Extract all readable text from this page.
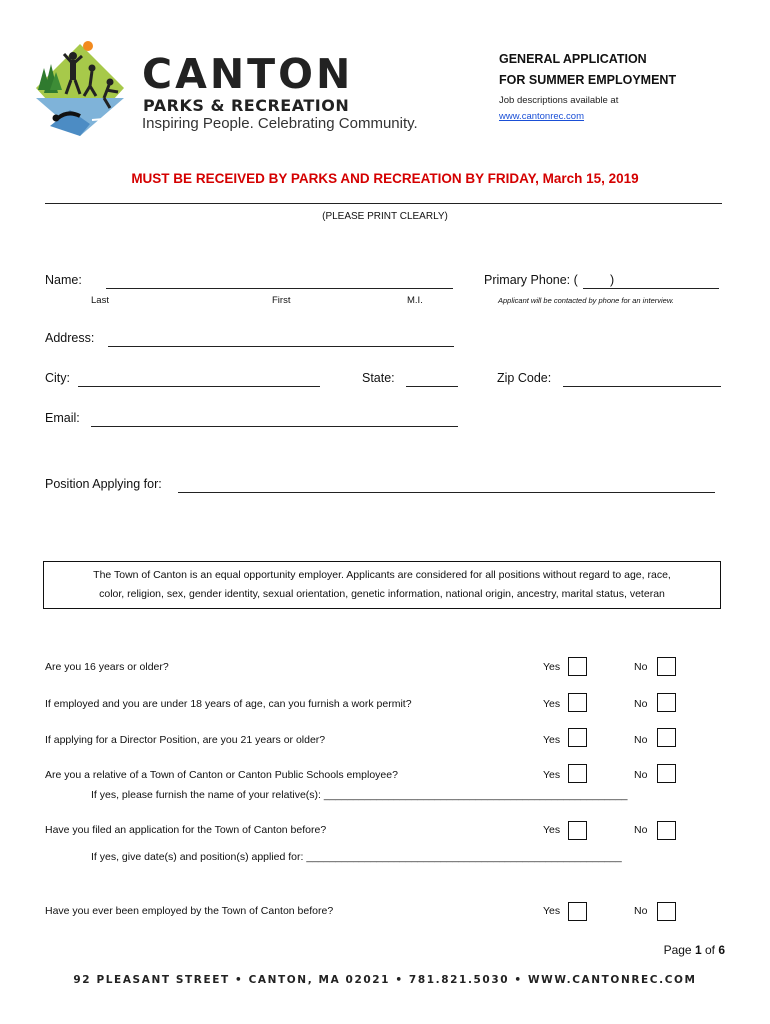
CANTON
PARKS & RECREATION
Inspiring People. Celebrating Community.
GENERAL APPLICATION
FOR SUMMER EMPLOYMENT
Job descriptions available at
www.cantonrec.com
MUST BE RECEIVED BY PARKS AND RECREATION BY FRIDAY, March 15, 2019
(PLEASE PRINT CLEARLY)
Name:
Last	First	M.I.
Primary Phone: (	)
Applicant will be contacted by phone for an interview.
Address:
City:	State:	Zip Code:
Email:
Position Applying for:
The Town of Canton is an equal opportunity employer. Applicants are considered for all positions without regard to age, race,
color, religion, sex, gender identity, sexual orientation, genetic information, national origin, ancestry, marital status, veteran
Are you 16 years or older?	Yes	No
If employed and you are under 18 years of age, can you furnish a work permit?	Yes	No
If applying for a Director Position, are you 21 years or older?	Yes	No
Are you a relative of a Town of Canton or Canton Public Schools employee?	Yes	No
If yes, please furnish the name of your relative(s): ____________________________________________________
Have you filed an application for the Town of Canton before?	Yes	No
If yes, give date(s) and position(s) applied for: ______________________________________________________
Have you ever been employed by the Town of Canton before?	Yes	No
Page 1 of 6
92 PLEASANT STREET • CANTON, MA 02021 • 781.821.5030 • WWW.CANTONREC.COM
